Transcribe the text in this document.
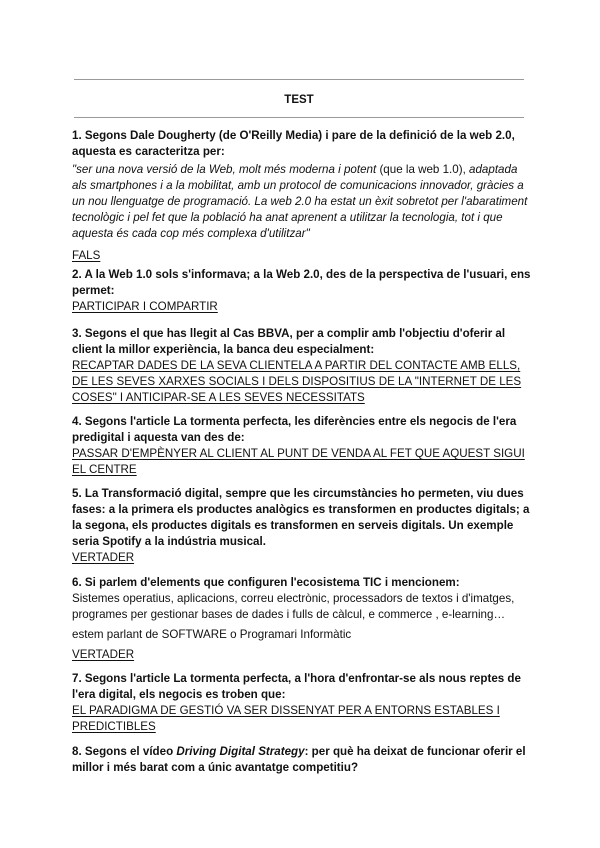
TEST
1. Segons Dale Dougherty (de O'Reilly Media) i pare de la definició de la web 2.0, aquesta es caracteritza per:
"ser una nova versió de la Web, molt més moderna i potent (que la web 1.0), adaptada als smartphones i a la mobilitat, amb un protocol de comunicacions innovador, gràcies a un nou llenguatge de programació. La web 2.0 ha estat un èxit sobretot per l'abaratiment tecnològic i pel fet que la població ha anat aprenent a utilitzar la tecnologia, tot i que aquesta és cada cop més complexa d'utilitzar"
FALS
2. A la Web 1.0 sols s'informava; a la Web 2.0, des de la perspectiva de l'usuari, ens permet:
PARTICIPAR I COMPARTIR
3. Segons el que has llegit al Cas BBVA, per a complir amb l'objectiu d'oferir al client la millor experiència, la banca deu especialment:
RECAPTAR DADES DE LA SEVA CLIENTELA A PARTIR DEL CONTACTE AMB ELLS, DE LES SEVES XARXES SOCIALS I DELS DISPOSITIUS DE LA "INTERNET DE LES COSES" I ANTICIPAR-SE A LES SEVES NECESSITATS
4. Segons l'article La tormenta perfecta, les diferències entre els negocis de l'era predigital i aquesta van des de:
PASSAR D'EMPÈNYER AL CLIENT AL PUNT DE VENDA AL FET QUE AQUEST SIGUI EL CENTRE
5. La Transformació digital, sempre que les circumstàncies ho permeten, viu dues fases: a la primera els productes analògics es transformen en productes digitals; a la segona, els productes digitals es transformen en serveis digitals. Un exemple seria Spotify a la indústria musical.
VERTADER
6. Si parlem d'elements que configuren l'ecosistema TIC i mencionem:
Sistemes operatius, aplicacions, correu electrònic, processadors de textos i d'imatges, programes per gestionar bases de dades i fulls de càlcul, e commerce , e-learning…
estem parlant de SOFTWARE o Programari Informàtic
VERTADER
7. Segons l'article La tormenta perfecta, a l'hora d'enfrontar-se als nous reptes de l'era digital, els negocis es troben que:
EL PARADIGMA DE GESTIÓ VA SER DISSENYAT PER A ENTORNS ESTABLES I PREDICTIBLES
8. Segons el vídeo Driving Digital Strategy: per què ha deixat de funcionar oferir el millor i més barat com a únic avantatge competitiu?
